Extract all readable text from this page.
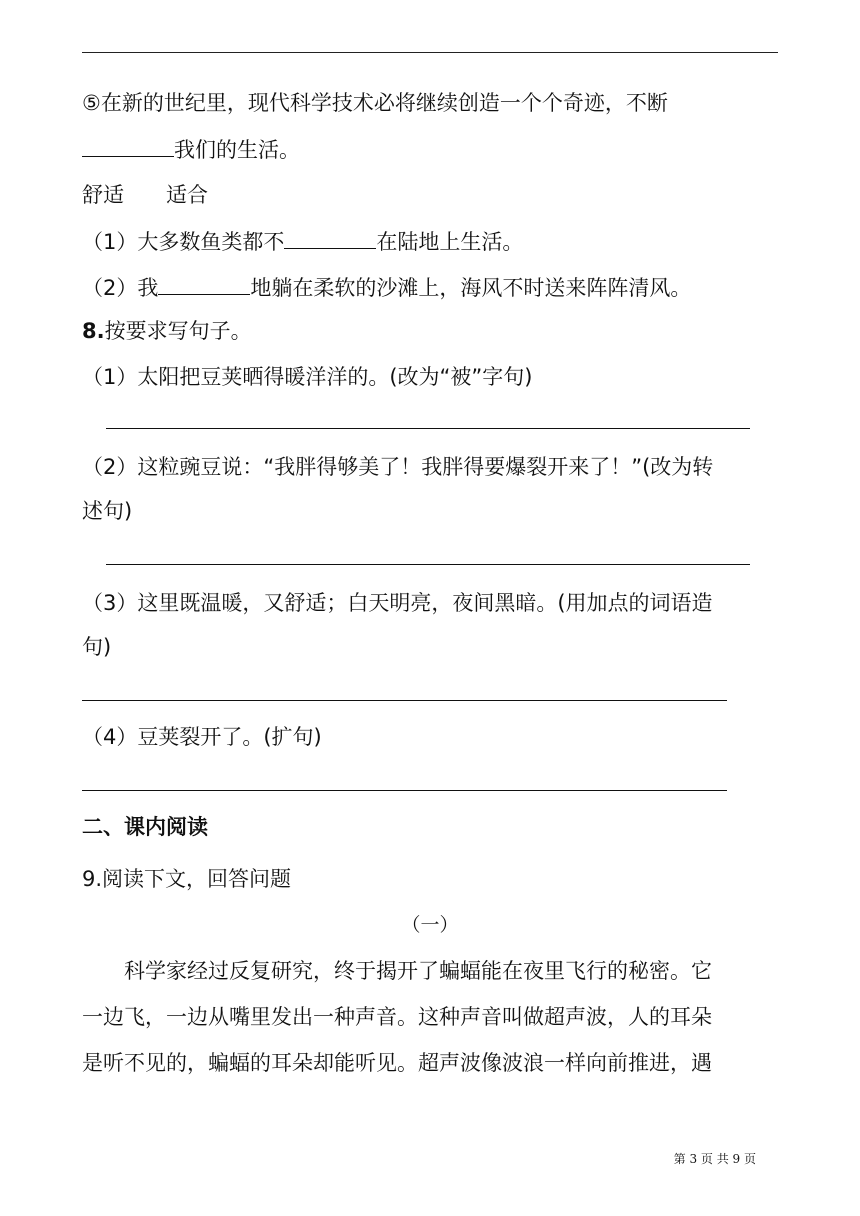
⑤在新的世纪里，现代科学技术必将继续创造一个个奇迹，不断
我们的生活。
舒适　　适合
（1）大多数鱼类都不	在陆地上生活。
（2）我	地躺在柔软的沙滩上，海风不时送来阵阵清风。
8.按要求写句子。
（1）太阳把豆荚晒得暖洋洋的。(改为“被”字句)
（2）这粒豌豆说：“我胖得够美了！我胖得要爆裂开来了！”(改为转
述句)
（3）这里既温暖，又舒适；白天明亮，夜间黑暗。(用加点的词语造
句)
（4）豆荚裂开了。(扩句)
二、课内阅读
9.阅读下文，回答问题
（一）
科学家经过反复研究，终于揭开了蝙蝠能在夜里飞行的秘密。它
一边飞，一边从嘴里发出一种声音。这种声音叫做超声波，人的耳朵
是听不见的，蝙蝠的耳朵却能听见。超声波像波浪一样向前推进，遇
第 3 页 共 9 页
